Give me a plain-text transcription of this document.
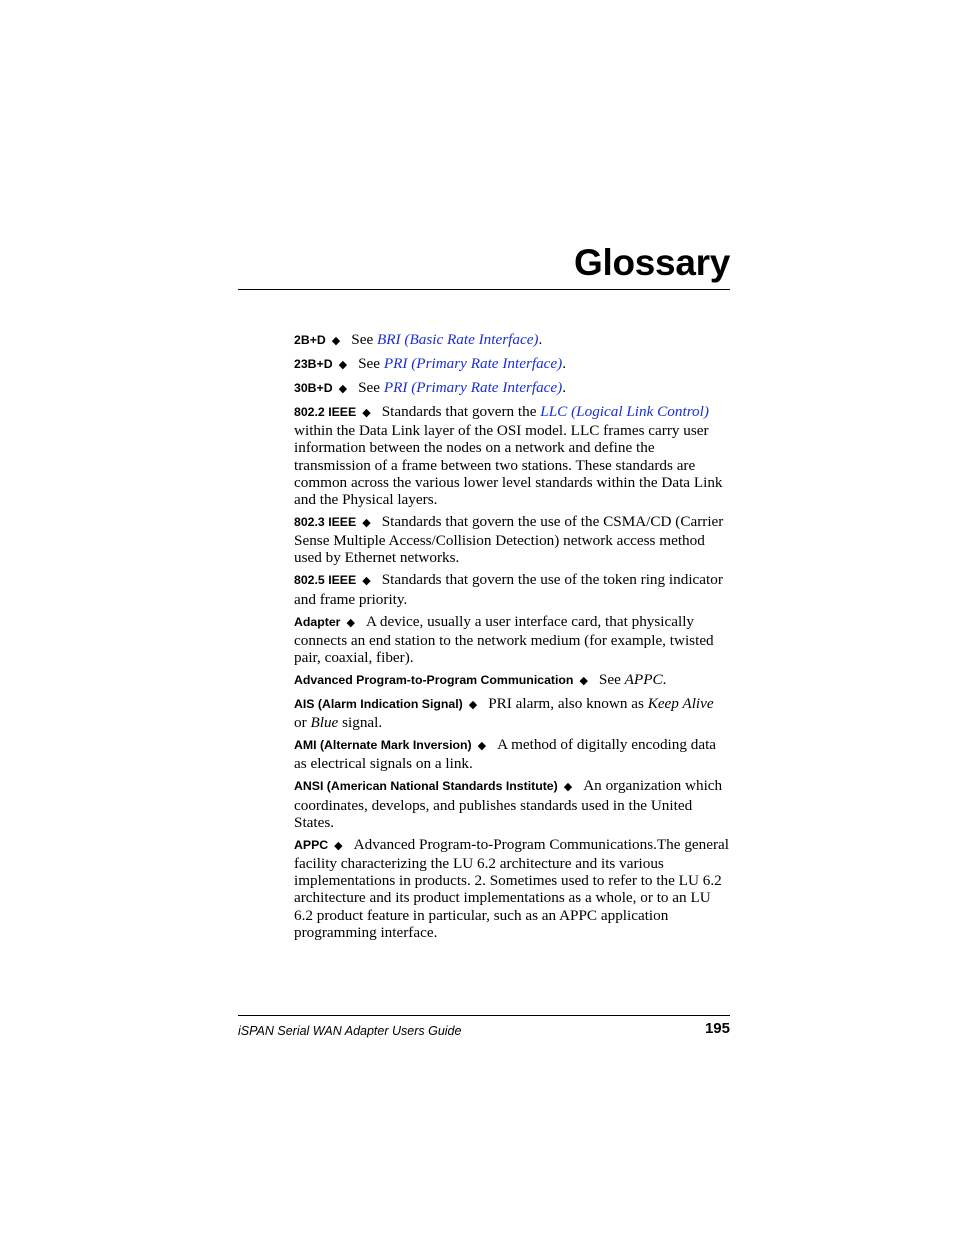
Glossary

2B+D ◆ See BRI (Basic Rate Interface).

23B+D ◆ See PRI (Primary Rate Interface).

30B+D ◆ See PRI (Primary Rate Interface).

802.2 IEEE ◆ Standards that govern the LLC (Logical Link Control) within the Data Link layer of the OSI model. LLC frames carry user information between the nodes on a network and define the transmission of a frame between two stations. These standards are common across the various lower level standards within the Data Link and the Physical layers.

802.3 IEEE ◆ Standards that govern the use of the CSMA/CD (Carrier Sense Multiple Access/Collision Detection) network access method used by Ethernet networks.

802.5 IEEE ◆ Standards that govern the use of the token ring indicator and frame priority.

Adapter ◆ A device, usually a user interface card, that physically connects an end station to the network medium (for example, twisted pair, coaxial, fiber).

Advanced Program-to-Program Communication ◆ See APPC.

AIS (Alarm Indication Signal) ◆ PRI alarm, also known as Keep Alive or Blue signal.

AMI (Alternate Mark Inversion) ◆ A method of digitally encoding data as electrical signals on a link.

ANSI (American National Standards Institute) ◆ An organization which coordinates, develops, and publishes standards used in the United States.

APPC ◆ Advanced Program-to-Program Communications.The general facility characterizing the LU 6.2 architecture and its various implementations in products. 2. Sometimes used to refer to the LU 6.2 architecture and its product implementations as a whole, or to an LU 6.2 product feature in particular, such as an APPC application programming interface.

iSPAN Serial WAN Adapter Users Guide	195
